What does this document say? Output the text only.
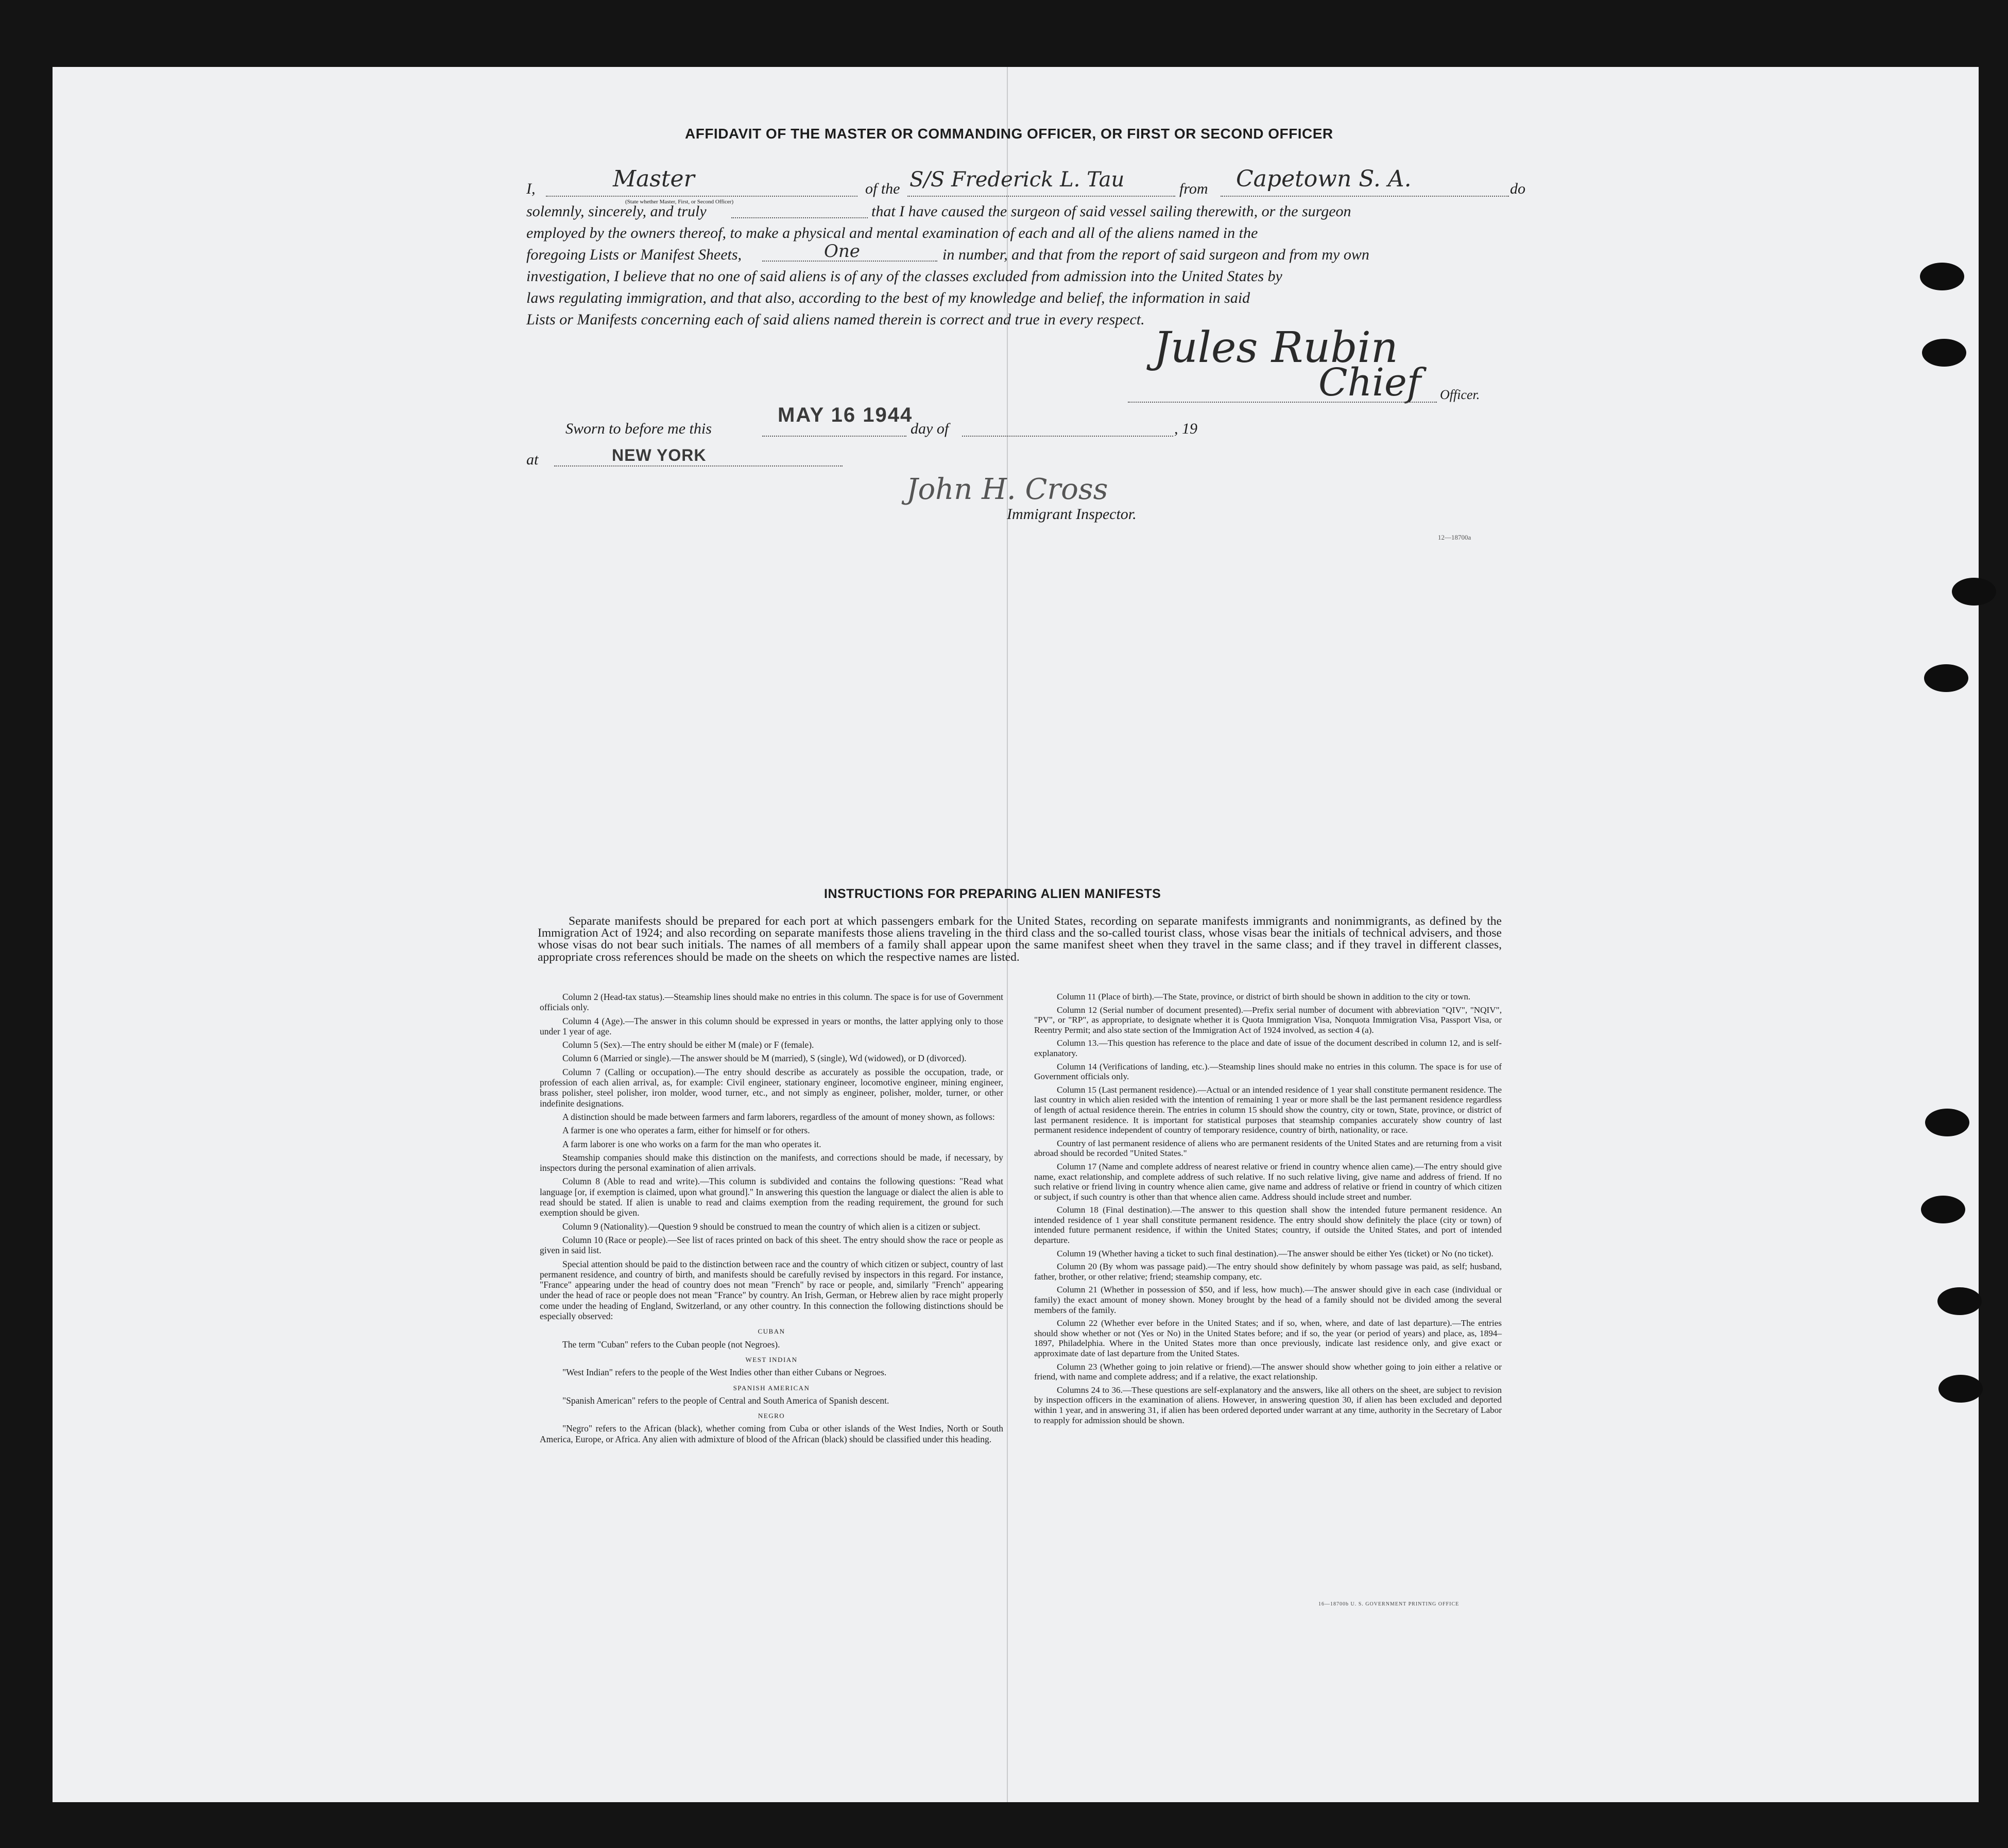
AFFIDAVIT OF THE MASTER OR COMMANDING OFFICER, OR FIRST OR SECOND OFFICER
I,	Master
(State whether Master, First, or Second Officer)
of the S/S Frederick L. Tau	from Capetown S. A.	do
solemnly, sincerely, and truly	that I have caused the surgeon of said vessel sailing therewith, or the surgeon
employed by the owners thereof, to make a physical and mental examination of each and all of the aliens named in the
foregoing Lists or Manifest Sheets,	One	in number, and that from the report of said surgeon and from my own
investigation, I believe that no one of said aliens is of any of the classes excluded from admission into the United States by
laws regulating immigration, and that also, according to the best of my knowledge and belief, the information in said
Lists or Manifests concerning each of said aliens named therein is correct and true in every respect.
Jules Rubin
Chief Officer.
Sworn to before me this
MAY 16 1944
day of	, 19
at	NEW YORK
John H. Cross
Immigrant Inspector.
12—18700a
INSTRUCTIONS FOR PREPARING ALIEN MANIFESTS

Separate manifests should be prepared for each port at which passengers embark for the United States, recording on separate manifests immigrants and nonimmigrants, as defined by the Immigration Act of 1924; and also recording on separate manifests those aliens traveling in the third class and the so-called tourist class, whose visas bear the initials of technical advisers, and those whose visas do not bear such initials. The names of all members of a family shall appear upon the same manifest sheet when they travel in the same class; and if they travel in different classes, appropriate cross references should be made on the sheets on which the respective names are listed.

Column 2 (Head-tax status).—Steamship lines should make no entries in this column. The space is for use of Government officials only.

Column 4 (Age).—The answer in this column should be expressed in years or months, the latter applying only to those under 1 year of age.

Column 5 (Sex).—The entry should be either M (male) or F (female).

Column 6 (Married or single).—The answer should be M (married), S (single), Wd (widowed), or D (divorced).

Column 7 (Calling or occupation).—The entry should describe as accurately as possible the occupation, trade, or profession of each alien arrival, as, for example: Civil engineer, stationary engineer, locomotive engineer, mining engineer, brass polisher, steel polisher, iron molder, wood turner, etc., and not simply as engineer, polisher, molder, turner, or other indefinite designations.

A distinction should be made between farmers and farm laborers, regardless of the amount of money shown, as follows:

A farmer is one who operates a farm, either for himself or for others.

A farm laborer is one who works on a farm for the man who operates it.

Steamship companies should make this distinction on the manifests, and corrections should be made, if necessary, by inspectors during the personal examination of alien arrivals.

Column 8 (Able to read and write).—This column is subdivided and contains the following questions: "Read what language [or, if exemption is claimed, upon what ground]." In answering this question the language or dialect the alien is able to read should be stated. If alien is unable to read and claims exemption from the reading requirement, the ground for such exemption should be given.

Column 9 (Nationality).—Question 9 should be construed to mean the country of which alien is a citizen or subject.

Column 10 (Race or people).—See list of races printed on back of this sheet. The entry should show the race or people as given in said list.

Special attention should be paid to the distinction between race and the country of which citizen or subject, country of last permanent residence, and country of birth, and manifests should be carefully revised by inspectors in this regard. For instance, "France" appearing under the head of country does not mean "French" by race or people, and, similarly "French" appearing under the head of race or people does not mean "France" by country. An Irish, German, or Hebrew alien by race might properly come under the heading of England, Switzerland, or any other country. In this connection the following distinctions should be especially observed:

CUBAN

The term "Cuban" refers to the Cuban people (not Negroes).

WEST INDIAN

"West Indian" refers to the people of the West Indies other than either Cubans or Negroes.

SPANISH AMERICAN

"Spanish American" refers to the people of Central and South America of Spanish descent.

NEGRO

"Negro" refers to the African (black), whether coming from Cuba or other islands of the West Indies, North or South America, Europe, or Africa. Any alien with admixture of blood of the African (black) should be classified under this heading.

Column 11 (Place of birth).—The State, province, or district of birth should be shown in addition to the city or town.

Column 12 (Serial number of document presented).—Prefix serial number of document with abbreviation "QIV", "NQIV", "PV", or "RP", as appropriate, to designate whether it is Quota Immigration Visa, Nonquota Immigration Visa, Passport Visa, or Reentry Permit; and also state section of the Immigration Act of 1924 involved, as section 4 (a).

Column 13.—This question has reference to the place and date of issue of the document described in column 12, and is self-explanatory.

Column 14 (Verifications of landing, etc.).—Steamship lines should make no entries in this column. The space is for use of Government officials only.

Column 15 (Last permanent residence).—Actual or an intended residence of 1 year shall constitute permanent residence. The last country in which alien resided with the intention of remaining 1 year or more shall be the last permanent residence regardless of length of actual residence therein. The entries in column 15 should show the country, city or town, State, province, or district of last permanent residence. It is important for statistical purposes that steamship companies accurately show country of last permanent residence independent of country of temporary residence, country of birth, nationality, or race.

Country of last permanent residence of aliens who are permanent residents of the United States and are returning from a visit abroad should be recorded "United States."

Column 17 (Name and complete address of nearest relative or friend in country whence alien came).—The entry should give name, exact relationship, and complete address of such relative. If no such relative living, give name and address of friend. If no such relative or friend living in country whence alien came, give name and address of relative or friend in country of which citizen or subject, if such country is other than that whence alien came. Address should include street and number.

Column 18 (Final destination).—The answer to this question shall show the intended future permanent residence. An intended residence of 1 year shall constitute permanent residence. The entry should show definitely the place (city or town) of intended future permanent residence, if within the United States; country, if outside the United States, and port of intended departure.

Column 19 (Whether having a ticket to such final destination).—The answer should be either Yes (ticket) or No (no ticket).

Column 20 (By whom was passage paid).—The entry should show definitely by whom passage was paid, as self; husband, father, brother, or other relative; friend; steamship company, etc.

Column 21 (Whether in possession of $50, and if less, how much).—The answer should give in each case (individual or family) the exact amount of money shown. Money brought by the head of a family should not be divided among the several members of the family.

Column 22 (Whether ever before in the United States; and if so, when, where, and date of last departure).—The entries should show whether or not (Yes or No) in the United States before; and if so, the year (or period of years) and place, as, 1894–1897, Philadelphia. Where in the United States more than once previously, indicate last residence only, and give exact or approximate date of last departure from the United States.

Column 23 (Whether going to join relative or friend).—The answer should show whether going to join either a relative or friend, with name and complete address; and if a relative, the exact relationship.

Columns 24 to 36.—These questions are self-explanatory and the answers, like all others on the sheet, are subject to revision by inspection officers in the examination of aliens. However, in answering question 30, if alien has been excluded and deported within 1 year, and in answering 31, if alien has been ordered deported under warrant at any time, authority in the Secretary of Labor to reapply for admission should be shown.

16—18700b U. S. GOVERNMENT PRINTING OFFICE
